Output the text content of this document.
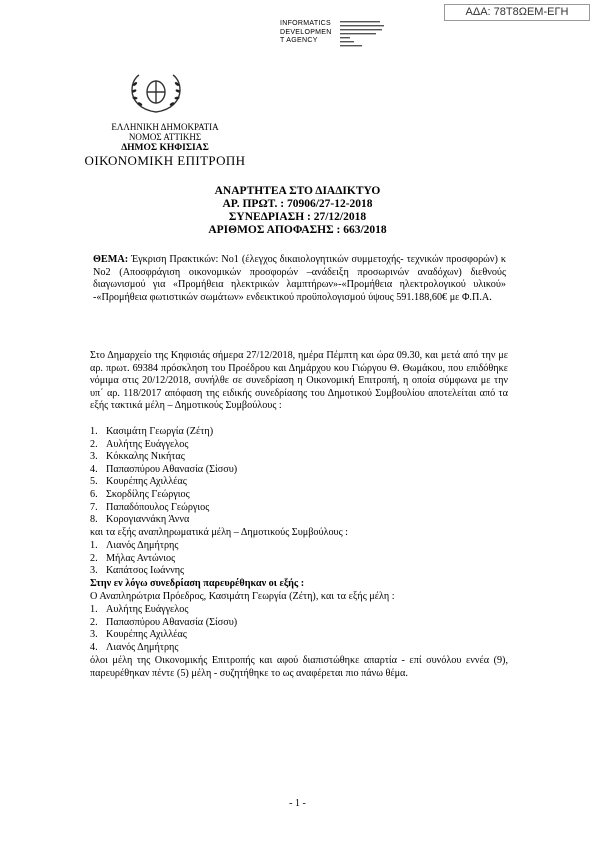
ΑΔΑ: 78Τ8ΩΕΜ-ΕΓΗ
INFORMATICS
DEVELOPMEN
T AGENCY
ΕΛΛΗΝΙΚΗ ΔΗΜΟΚΡΑΤΙΑ
ΝΟΜΟΣ ΑΤΤΙΚΗΣ
ΔΗΜΟΣ ΚΗΦΙΣΙΑΣ
ΟΙΚΟΝΟΜΙΚΗ ΕΠΙΤΡΟΠΗ
ΑΝΑΡΤΗΤΕΑ ΣΤΟ ΔΙΑΔΙΚΤΥΟ
ΑΡ. ΠΡΩΤ. : 70906/27-12-2018
ΣΥΝΕΔΡΙΑΣΗ : 27/12/2018
ΑΡΙΘΜΟΣ ΑΠΟΦΑΣΗΣ : 663/2018
ΘΕΜΑ: Έγκριση Πρακτικών: Νο1 (έλεγχος δικαιολογητικών συμμετοχής- τεχνικών προσφορών) κ Νο2 (Αποσφράγιση οικονομικών προσφορών –ανάδειξη προσωρινών αναδόχων) διεθνούς διαγωνισμού για «Προμήθεια ηλεκτρικών λαμπτήρων»-«Προμήθεια ηλεκτρολογικού υλικού» -«Προμήθεια φωτιστικών σωμάτων» ενδεικτικού προϋπολογισμού ύψους 591.188,60€ με Φ.Π.Α.
Στο Δημαρχείο της Κηφισιάς σήμερα 27/12/2018, ημέρα Πέμπτη και ώρα 09.30, και μετά από την με αρ. πρωτ. 69384 πρόσκληση του Προέδρου και Δημάρχου κου Γιώργου Θ. Θωμάκου, που επιδόθηκε νόμιμα στις 20/12/2018, συνήλθε σε συνεδρίαση η Οικονομική Επιτροπή, η οποία σύμφωνα με την υπ΄ αρ. 118/2017 απόφαση της ειδικής συνεδρίασης του Δημοτικού Συμβουλίου αποτελείται από τα εξής τακτικά μέλη – Δημοτικούς Συμβούλους :
1. Κασιμάτη Γεωργία (Ζέτη)
2. Αυλήτης Ευάγγελος
3. Κόκκαλης Νικήτας
4. Παπασπύρου Αθανασία (Σίσσυ)
5. Κουρέπης Αχιλλέας
6. Σκορδίλης Γεώργιος
7. Παπαδόπουλος Γεώργιος
8. Κορογιαννάκη Άννα
και τα εξής αναπληρωματικά μέλη – Δημοτικούς Συμβούλους :
1. Λιανός Δημήτρης
2. Μήλας Αντώνιος
3. Καπάτσος Ιωάννης
Στην εν λόγω συνεδρίαση παρευρέθηκαν οι εξής :
Ο Αναπληρώτρια Πρόεδρος, Κασιμάτη Γεωργία (Ζέτη), και τα εξής μέλη :
1. Αυλήτης Ευάγγελος
2. Παπασπύρου Αθανασία (Σίσσυ)
3. Κουρέπης Αχιλλέας
4. Λιανός Δημήτρης
όλοι μέλη της Οικονομικής Επιτροπής και αφού διαπιστώθηκε απαρτία - επί συνόλου εννέα (9), παρευρέθηκαν πέντε (5) μέλη - συζητήθηκε το ως αναφέρεται πιο πάνω θέμα.
- 1 -
